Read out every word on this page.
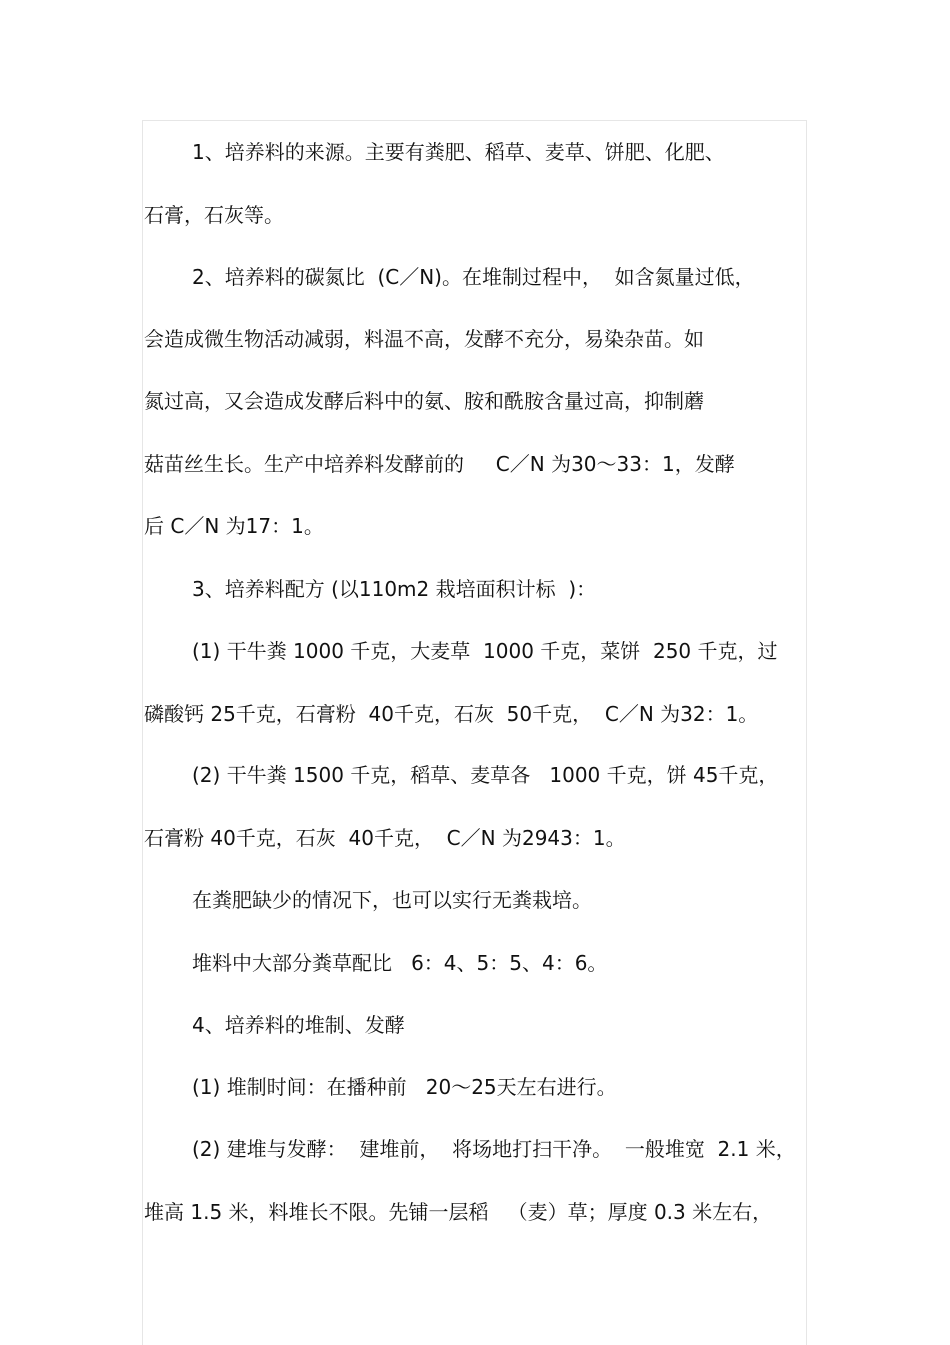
1、培养料的来源。主要有粪肥、稻草、麦草、饼肥、化肥、
石膏，石灰等。
2、培养料的碳氮比  (C／N)。在堆制过程中，  如含氮量过低，
会造成微生物活动减弱，料温不高，发酵不充分，易染杂苗。如
氮过高，又会造成发酵后料中的氨、胺和酰胺含量过高，抑制蘑
菇苗丝生长。生产中培养料发酵前的     C／N 为30～33：1，发酵
后 C／N 为17：1。
3、培养料配方 (以110m2 栽培面积计标  )：
(1) 干牛粪 1000 千克，大麦草  1000 千克，菜饼  250 千克，过
磷酸钙 25千克，石膏粉  40千克，石灰  50千克，  C／N 为32：1。
(2) 干牛粪 1500 千克，稻草、麦草各   1000 千克，饼 45千克，
石膏粉 40千克，石灰  40千克，  C／N 为2943：1。
在粪肥缺少的情况下，也可以实行无粪栽培。
堆料中大部分粪草配比   6：4、5：5、4：6。
4、培养料的堆制、发酵
(1) 堆制时间：在播种前   20～25天左右进行。
(2) 建堆与发酵：  建堆前，  将场地打扫干净。  一般堆宽  2.1 米，
堆高 1.5 米，料堆长不限。先铺一层稻   （麦）草；厚度 0.3 米左右，
